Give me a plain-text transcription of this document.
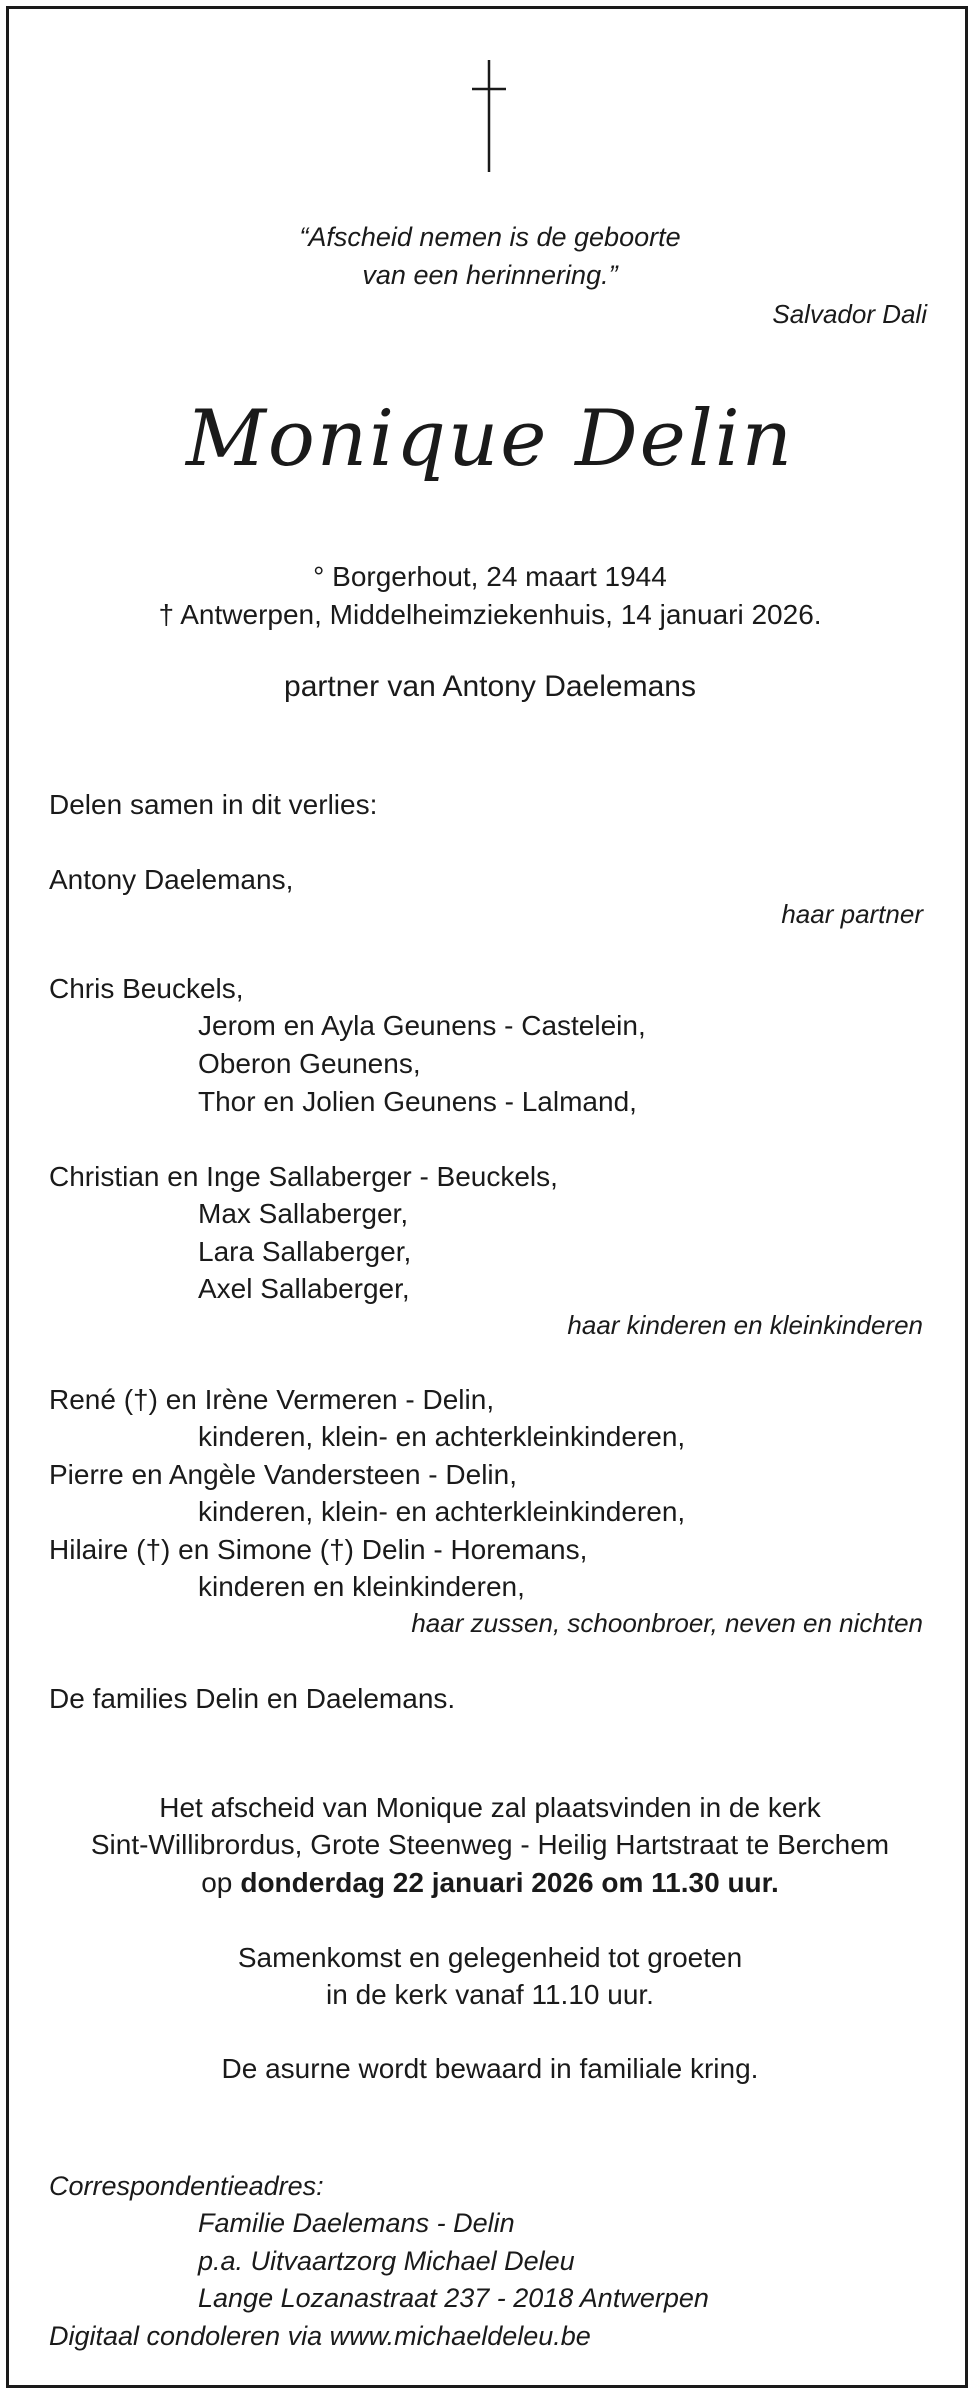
“Afscheid nemen is de geboorte
van een herinnering.”
Salvador Dali
Monique Delin
° Borgerhout, 24 maart 1944
† Antwerpen, Middelheimziekenhuis, 14 januari 2026.
partner van Antony Daelemans
Delen samen in dit verlies:
Antony Daelemans,
haar partner
Chris Beuckels,
Jerom en Ayla Geunens - Castelein,
Oberon Geunens,
Thor en Jolien Geunens - Lalmand,
Christian en Inge Sallaberger - Beuckels,
Max Sallaberger,
Lara Sallaberger,
Axel Sallaberger,
haar kinderen en kleinkinderen
René (†) en Irène Vermeren - Delin,
kinderen, klein- en achterkleinkinderen,
Pierre en Angèle Vandersteen - Delin,
kinderen, klein- en achterkleinkinderen,
Hilaire (†) en Simone (†) Delin - Horemans,
kinderen en kleinkinderen,
haar zussen, schoonbroer, neven en nichten
De families Delin en Daelemans.
Het afscheid van Monique zal plaatsvinden in de kerk
Sint-Willibrordus, Grote Steenweg - Heilig Hartstraat te Berchem
op donderdag 22 januari 2026 om 11.30 uur.
Samenkomst en gelegenheid tot groeten
in de kerk vanaf 11.10 uur.
De asurne wordt bewaard in familiale kring.
Correspondentieadres:
Familie Daelemans - Delin
p.a. Uitvaartzorg Michael Deleu
Lange Lozanastraat 237 - 2018 Antwerpen
Digitaal condoleren via www.michaeldeleu.be
